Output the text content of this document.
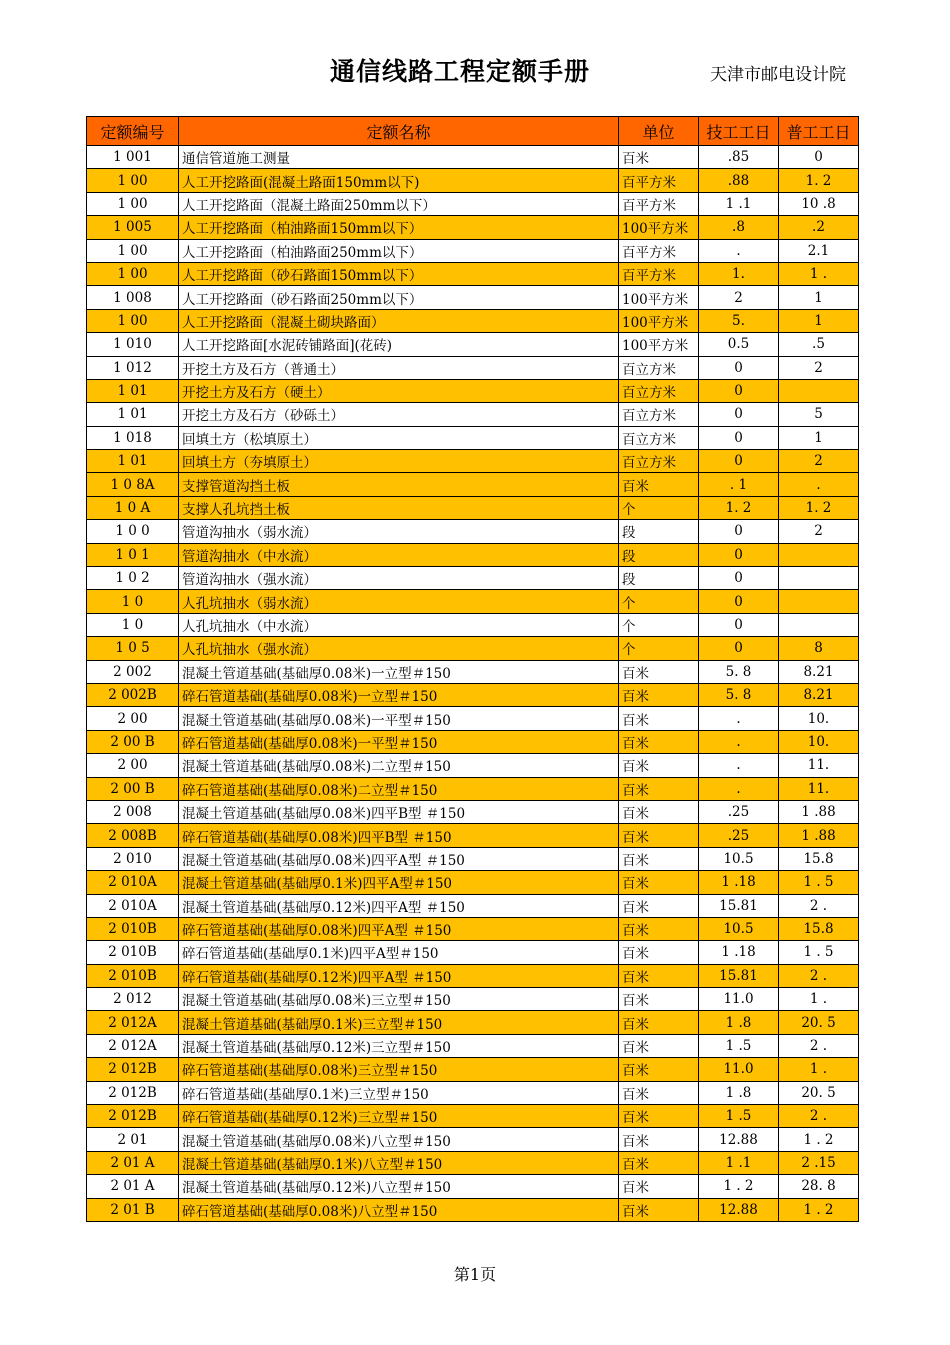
通信线路工程定额手册	天津市邮电设计院
定额编号	定额名称	单位	技工工日	普工工日
1 001	通信管道施工测量	百米	.85	0
1 00	人工开挖路面(混凝土路面150mm以下)	百平方米	.88	1. 2
1 00	人工开挖路面（混凝土路面250mm以下）	百平方米	1 .1	10 .8
1 005	人工开挖路面（柏油路面150mm以下）	100平方米	.8	.2
1 00	人工开挖路面（柏油路面250mm以下）	百平方米	.	2.1
1 00	人工开挖路面（砂石路面150mm以下）	百平方米	1.	1 .
1 008	人工开挖路面（砂石路面250mm以下）	100平方米	2	1
1 00	人工开挖路面（混凝土砌块路面）	100平方米	5.	1
1 010	人工开挖路面[水泥砖铺路面](花砖)	100平方米	0.5	.5
1 012	开挖土方及石方（普通土）	百立方米	0	2
1 01	开挖土方及石方（硬土）	百立方米	0	
1 01	开挖土方及石方（砂砾土）	百立方米	0	5
1 018	回填土方（松填原土）	百立方米	0	1
1 01	回填土方（夯填原土）	百立方米	0	2
1 0 8A	支撑管道沟挡土板	百米	. 1	.
1 0 A	支撑人孔坑挡土板	个	1. 2	1. 2
1 0 0	管道沟抽水（弱水流）	段	0	2
1 0 1	管道沟抽水（中水流）	段	0	
1 0 2	管道沟抽水（强水流）	段	0	
1 0	人孔坑抽水（弱水流）	个	0	
1 0	人孔坑抽水（中水流）	个	0	
1 0 5	人孔坑抽水（强水流）	个	0	8
2 002	混凝土管道基础(基础厚0.08米)一立型＃150	百米	5. 8	8.21
2 002B	碎石管道基础(基础厚0.08米)一立型＃150	百米	5. 8	8.21
2 00	混凝土管道基础(基础厚0.08米)一平型＃150	百米	.	10.
2 00 B	碎石管道基础(基础厚0.08米)一平型＃150	百米	.	10.
2 00	混凝土管道基础(基础厚0.08米)二立型＃150	百米	.	11.
2 00 B	碎石管道基础(基础厚0.08米)二立型＃150	百米	.	11.
2 008	混凝土管道基础(基础厚0.08米)四平B型 ＃150	百米	.25	1 .88
2 008B	碎石管道基础(基础厚0.08米)四平B型 ＃150	百米	.25	1 .88
2 010	混凝土管道基础(基础厚0.08米)四平A型 ＃150	百米	10.5	15.8
2 010A	混凝土管道基础(基础厚0.1米)四平A型＃150	百米	1 .18	1 . 5
2 010A	混凝土管道基础(基础厚0.12米)四平A型 ＃150	百米	15.81	2 .
2 010B	碎石管道基础(基础厚0.08米)四平A型 ＃150	百米	10.5	15.8
2 010B	碎石管道基础(基础厚0.1米)四平A型＃150	百米	1 .18	1 . 5
2 010B	碎石管道基础(基础厚0.12米)四平A型 ＃150	百米	15.81	2 .
2 012	混凝土管道基础(基础厚0.08米)三立型＃150	百米	11.0	1 .
2 012A	混凝土管道基础(基础厚0.1米)三立型＃150	百米	1 .8	20. 5
2 012A	混凝土管道基础(基础厚0.12米)三立型＃150	百米	1 .5	2 .
2 012B	碎石管道基础(基础厚0.08米)三立型＃150	百米	11.0	1 .
2 012B	碎石管道基础(基础厚0.1米)三立型＃150	百米	1 .8	20. 5
2 012B	碎石管道基础(基础厚0.12米)三立型＃150	百米	1 .5	2 .
2 01	混凝土管道基础(基础厚0.08米)八立型＃150	百米	12.88	1 . 2
2 01 A	混凝土管道基础(基础厚0.1米)八立型＃150	百米	1 .1	2 .15
2 01 A	混凝土管道基础(基础厚0.12米)八立型＃150	百米	1 . 2	28. 8
2 01 B	碎石管道基础(基础厚0.08米)八立型＃150	百米	12.88	1 . 2
第1页
